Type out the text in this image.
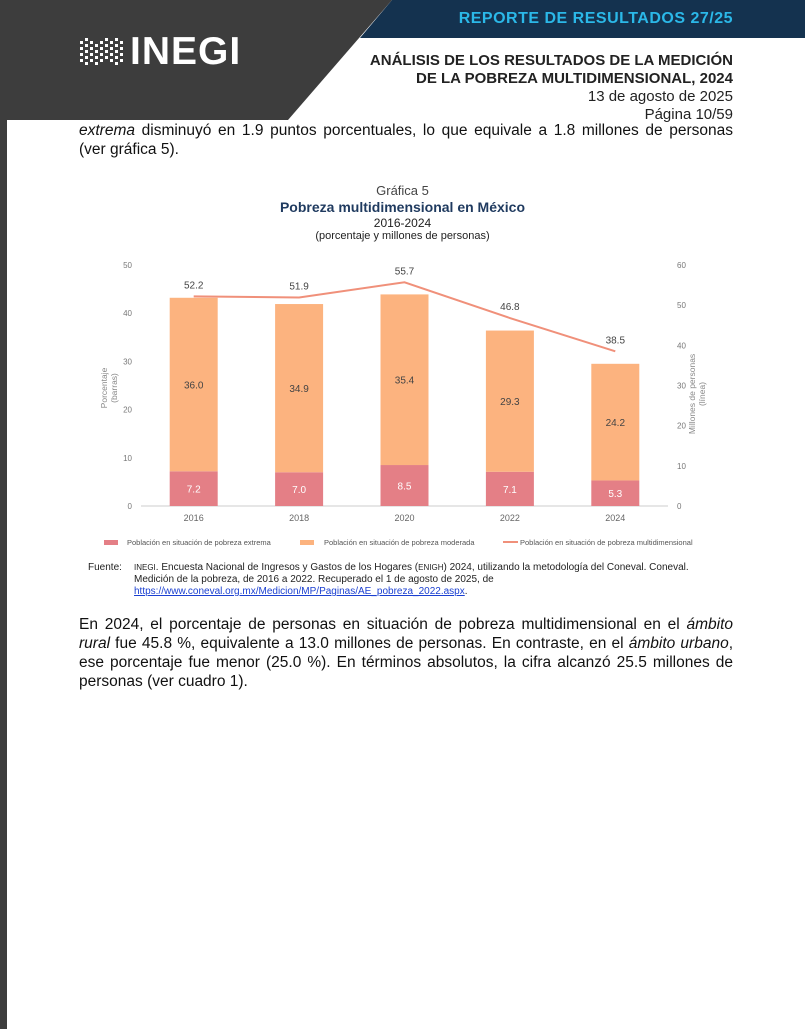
INEGI
REPORTE DE RESULTADOS 27/25
ANÁLISIS DE LOS RESULTADOS DE LA MEDICIÓN
DE LA POBREZA MULTIDIMENSIONAL, 2024
13 de agosto de 2025
Página 10/59

extrema disminuyó en 1.9 puntos porcentuales, lo que equivale a 1.8 millones de personas (ver gráfica 5).

Gráfica 5
Pobreza multidimensional en México
2016-2024
(porcentaje y millones de personas)
0
10
20
30
40
50
0
10
20
30
40
50
60
Porcentaje (barras)	Millones de personas (línea)
7.2
36.0
2016
7.0
34.9
2018
8.5
35.4
2020
7.1
29.3
2022
5.3
24.2
2024
52.2	51.9
55.7
46.8
38.5
Población en situación de pobreza extrema	Población en situación de pobreza moderada	Población en situación de pobreza multidimensional
Fuente:	INEGI. Encuesta Nacional de Ingresos y Gastos de los Hogares (ENIGH) 2024, utilizando la metodología del Coneval. Coneval. Medición de la pobreza, de 2016 a 2022. Recuperado el 1 de agosto de 2025, de
https://www.coneval.org.mx/Medicion/MP/Paginas/AE_pobreza_2022.aspx.

En 2024, el porcentaje de personas en situación de pobreza multidimensional en el ámbito rural fue 45.8 %, equivalente a 13.0 millones de personas. En contraste, en el ámbito urbano, ese porcentaje fue menor (25.0 %). En términos absolutos, la cifra alcanzó 25.5 millones de personas (ver cuadro 1).
